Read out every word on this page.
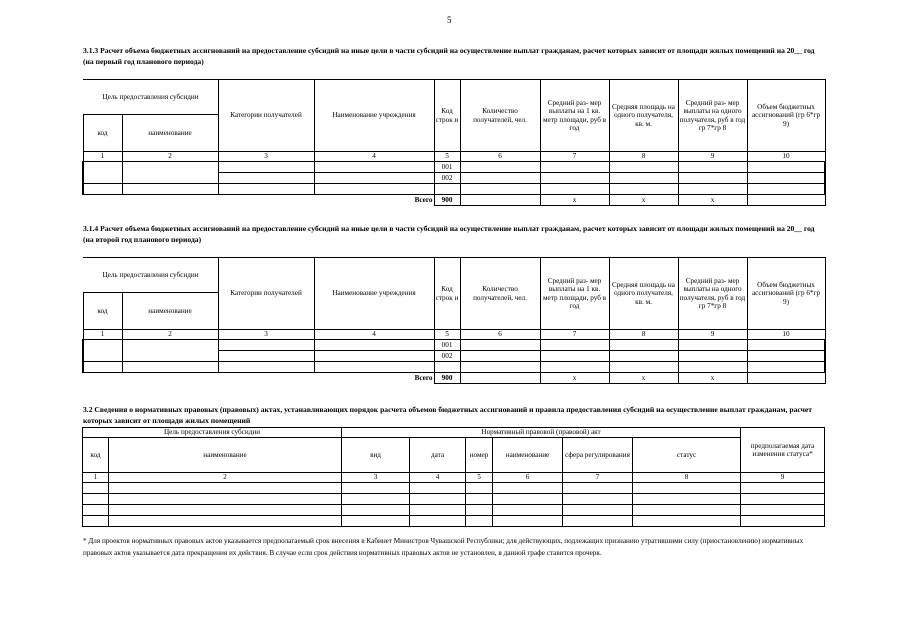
5
3.1.3 Расчет объема бюджетных ассигнований на предоставление субсидий на иные цели в части субсидий на осуществление выплат гражданам, расчет которых зависит от площади жилых помещений на 20__ год (на первый год планового периода)
Цель предоставления субсидии		Категории получателей	Наименование учреждения	Код строк и	Количество получателей, чел.	Средний раз- мер выплаты на 1 кв. метр площади, руб в год	Средняя площадь на одного получателя, кв. м.	Средний раз- мер выплаты на одного получателя, руб в год гр 7*гр 8	Объем бюджетных ассигнований (гр 6*гр 9)
код	наименование								
1	2	3	4	5	6	7	8	9	10
				001					
				002					

			Всего	900		x	x	x	
3.1.4 Расчет объема бюджетных ассигнований на предоставление субсидий на иные цели в части субсидий на осуществление выплат гражданам, расчет которых зависит от площади жилых помещений на 20__ год (на второй год планового периода)
Цель предоставления субсидии		Категории получателей	Наименование учреждения	Код строк и	Количество получателей, чел.	Средний раз- мер выплаты на 1 кв. метр площади, руб в год	Средняя площадь на одного получателя, кв. м.	Средний раз- мер выплаты на одного получателя, руб в год гр 7*гр 8	Объем бюджетных ассигнований (гр 6*гр 9)
код	наименование								
1	2	3	4	5	6	7	8	9	10
				001					
				002					

			Всего	900		x	x	x	
3.2 Сведения о нормативных правовых (правовых) актах, устанавливающих порядок расчета объемов бюджетных ассигнований и правила предоставления субсидий на осуществление выплат гражданам, расчет которых зависит от площади жилых помещений
Цель предоставления субсидии		Нормативный правовой (правовой) акт						предполагаемая дата изменения статуса*
код	наименование	вид	дата	номер	наименование	сфера регулирования	статус	
1	2	3	4	5	6	7	8	9

* Для проектов нормативных правовых актов указывается предполагаемый срок внесения в Кабинет Министров Чувашской Республики; для действующих, подлежащих признанию утратившими силу (приостановлению) нормативных правовых актов указывается дата прекращения их действия. В случае если срок действия нормативных правовых актов не установлен, в данной графе ставится прочерк.
